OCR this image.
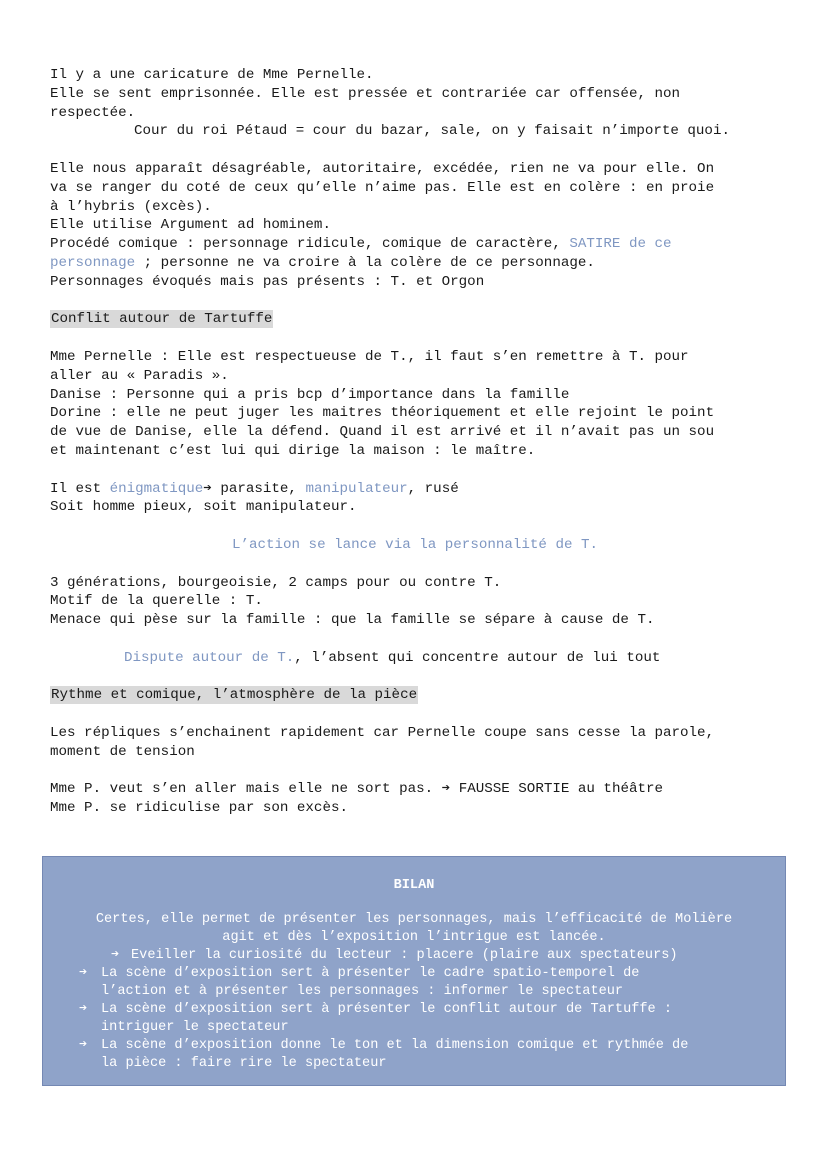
Il y a une caricature de Mme Pernelle.
Elle se sent emprisonnée. Elle est pressée et contrariée car offensée, non
respectée.
Cour du roi Pétaud = cour du bazar, sale, on y faisait n’importe quoi.
Elle nous apparaît désagréable, autoritaire, excédée, rien ne va pour elle. On
va se ranger du coté de ceux qu’elle n’aime pas. Elle est en colère : en proie
à l’hybris (excès).
Elle utilise Argument ad hominem.
Procédé comique : personnage ridicule, comique de caractère, SATIRE de ce
personnage ; personne ne va croire à la colère de ce personnage.
Personnages évoqués mais pas présents : T. et Orgon
Conflit autour de Tartuffe
Mme Pernelle : Elle est respectueuse de T., il faut s’en remettre à T. pour
aller au « Paradis ».
Danise : Personne qui a pris bcp d’importance dans la famille
Dorine : elle ne peut juger les maitres théoriquement et elle rejoint le point
de vue de Danise, elle la défend. Quand il est arrivé et il n’avait pas un sou
et maintenant c’est lui qui dirige la maison : le maître.
Il est énigmatique➔ parasite, manipulateur, rusé
Soit homme pieux, soit manipulateur.
L’action se lance via la personnalité de T.
3 générations, bourgeoisie, 2 camps pour ou contre T.
Motif de la querelle : T.
Menace qui pèse sur la famille : que la famille se sépare à cause de T.
Dispute autour de T., l’absent qui concentre autour de lui tout
Rythme et comique, l’atmosphère de la pièce
Les répliques s’enchainent rapidement car Pernelle coupe sans cesse la parole,
moment de tension
Mme P. veut s’en aller mais elle ne sort pas. ➔ FAUSSE SORTIE au théâtre
Mme P. se ridiculise par son excès.
BILAN
Certes, elle permet de présenter les personnages, mais l’efficacité de Molière
agit et dès l’exposition l’intrigue est lancée.
➔ Eveiller la curiosité du lecteur : placere (plaire aux spectateurs)
➔ La scène d’exposition sert à présenter le cadre spatio-temporel de
l’action et à présenter les personnages : informer le spectateur
➔ La scène d’exposition sert à présenter le conflit autour de Tartuffe :
intriguer le spectateur
➔ La scène d’exposition donne le ton et la dimension comique et rythmée de
la pièce : faire rire le spectateur
